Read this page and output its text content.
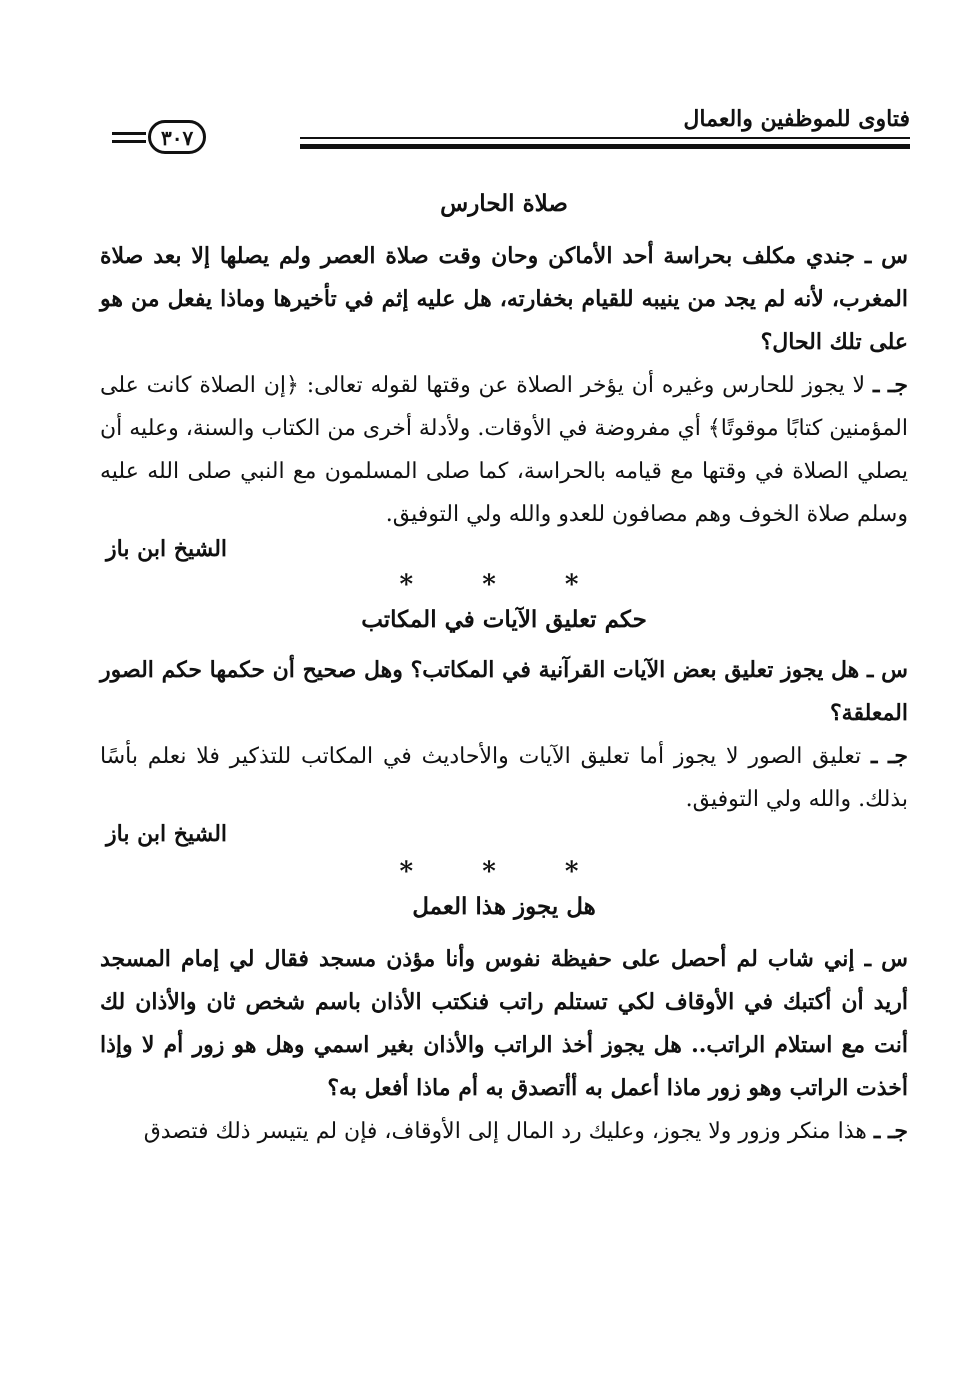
فتاوى للموظفين والعمال
٣٠٧

صلاة الحارس

س ـ جندي مكلف بحراسة أحد الأماكن وحان وقت صلاة العصر ولم يصلها إلا بعد صلاة المغرب، لأنه لم يجد من ينيبه للقيام بخفارته، هل عليه إثم في تأخيرها وماذا يفعل من هو على تلك الحال؟

جـ ـ لا يجوز للحارس وغيره أن يؤخر الصلاة عن وقتها لقوله تعالى: ﴿إن الصلاة كانت على المؤمنين كتابًا موقوتًا﴾ أي مفروضة في الأوقات. ولأدلة أخرى من الكتاب والسنة، وعليه أن يصلي الصلاة في وقتها مع قيامه بالحراسة، كما صلى المسلمون مع النبي صلى الله عليه وسلم صلاة الخوف وهم مصافون للعدو والله ولي التوفيق.

الشيخ ابن باز

* * *

حكم تعليق الآيات في المكاتب

س ـ هل يجوز تعليق بعض الآيات القرآنية في المكاتب؟ وهل صحيح أن حكمها حكم الصور المعلقة؟

جـ ـ تعليق الصور لا يجوز أما تعليق الآيات والأحاديث في المكاتب للتذكير فلا نعلم بأسًا بذلك. والله ولي التوفيق.

الشيخ ابن باز

* * *

هل يجوز هذا العمل

س ـ إني شاب لم أحصل على حفيظة نفوس وأنا مؤذن مسجد فقال لي إمام المسجد أريد أن أكتبك في الأوقاف لكي تستلم راتب فنكتب الأذان باسم شخص ثان والأذان لك أنت مع استلام الراتب.. هل يجوز أخذ الراتب والأذان بغير اسمي وهل هو زور أم لا وإذا أخذت الراتب وهو زور ماذا أعمل به أأتصدق به أم ماذا أفعل به؟

جـ ـ هذا منكر وزور ولا يجوز، وعليك رد المال إلى الأوقاف، فإن لم يتيسر ذلك فتصدق
